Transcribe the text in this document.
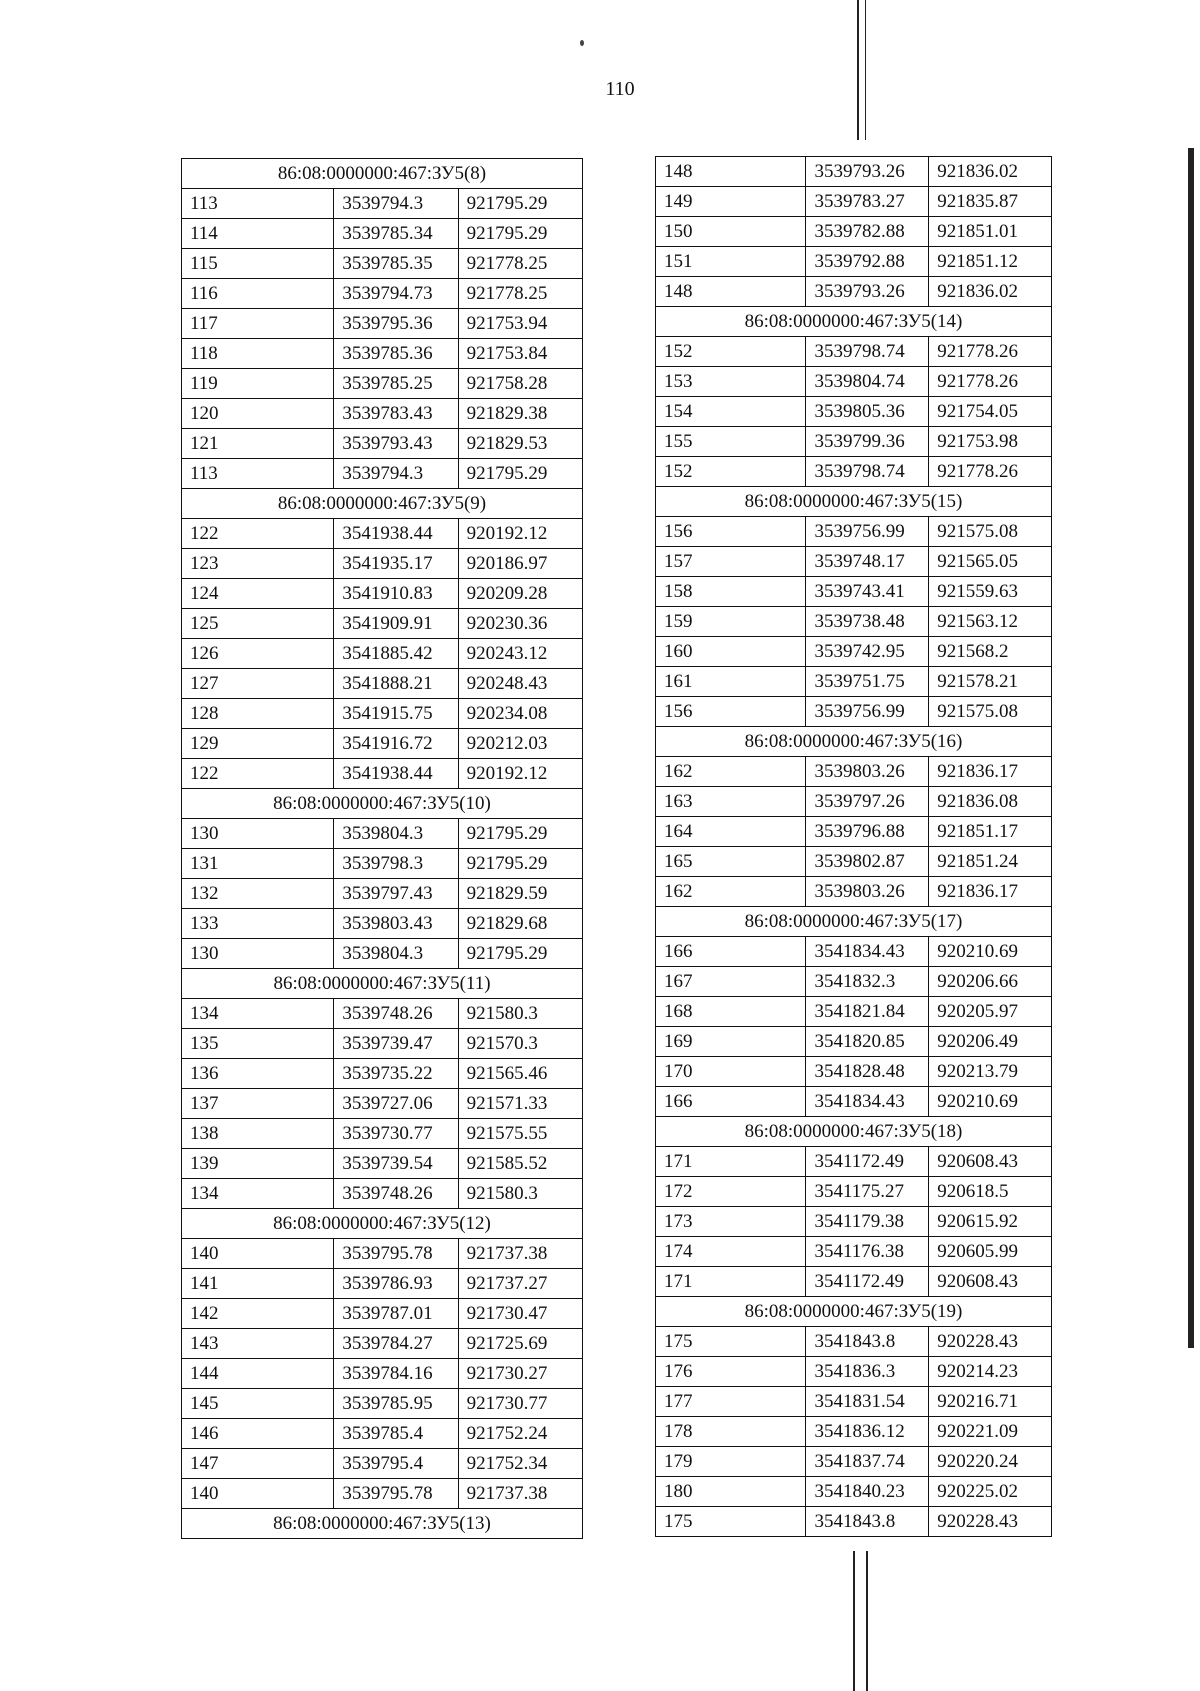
110
86:08:0000000:467:ЗУ5(8)		
113	3539794.3	921795.29
114	3539785.34	921795.29
115	3539785.35	921778.25
116	3539794.73	921778.25
117	3539795.36	921753.94
118	3539785.36	921753.84
119	3539785.25	921758.28
120	3539783.43	921829.38
121	3539793.43	921829.53
113	3539794.3	921795.29
86:08:0000000:467:ЗУ5(9)		
122	3541938.44	920192.12
123	3541935.17	920186.97
124	3541910.83	920209.28
125	3541909.91	920230.36
126	3541885.42	920243.12
127	3541888.21	920248.43
128	3541915.75	920234.08
129	3541916.72	920212.03
122	3541938.44	920192.12
86:08:0000000:467:ЗУ5(10)		
130	3539804.3	921795.29
131	3539798.3	921795.29
132	3539797.43	921829.59
133	3539803.43	921829.68
130	3539804.3	921795.29
86:08:0000000:467:ЗУ5(11)		
134	3539748.26	921580.3
135	3539739.47	921570.3
136	3539735.22	921565.46
137	3539727.06	921571.33
138	3539730.77	921575.55
139	3539739.54	921585.52
134	3539748.26	921580.3
86:08:0000000:467:ЗУ5(12)		
140	3539795.78	921737.38
141	3539786.93	921737.27
142	3539787.01	921730.47
143	3539784.27	921725.69
144	3539784.16	921730.27
145	3539785.95	921730.77
146	3539785.4	921752.24
147	3539795.4	921752.34
140	3539795.78	921737.38
86:08:0000000:467:ЗУ5(13)		
148	3539793.26	921836.02
149	3539783.27	921835.87
150	3539782.88	921851.01
151	3539792.88	921851.12
148	3539793.26	921836.02
86:08:0000000:467:ЗУ5(14)		
152	3539798.74	921778.26
153	3539804.74	921778.26
154	3539805.36	921754.05
155	3539799.36	921753.98
152	3539798.74	921778.26
86:08:0000000:467:ЗУ5(15)		
156	3539756.99	921575.08
157	3539748.17	921565.05
158	3539743.41	921559.63
159	3539738.48	921563.12
160	3539742.95	921568.2
161	3539751.75	921578.21
156	3539756.99	921575.08
86:08:0000000:467:ЗУ5(16)		
162	3539803.26	921836.17
163	3539797.26	921836.08
164	3539796.88	921851.17
165	3539802.87	921851.24
162	3539803.26	921836.17
86:08:0000000:467:ЗУ5(17)		
166	3541834.43	920210.69
167	3541832.3	920206.66
168	3541821.84	920205.97
169	3541820.85	920206.49
170	3541828.48	920213.79
166	3541834.43	920210.69
86:08:0000000:467:ЗУ5(18)		
171	3541172.49	920608.43
172	3541175.27	920618.5
173	3541179.38	920615.92
174	3541176.38	920605.99
171	3541172.49	920608.43
86:08:0000000:467:ЗУ5(19)		
175	3541843.8	920228.43
176	3541836.3	920214.23
177	3541831.54	920216.71
178	3541836.12	920221.09
179	3541837.74	920220.24
180	3541840.23	920225.02
175	3541843.8	920228.43
